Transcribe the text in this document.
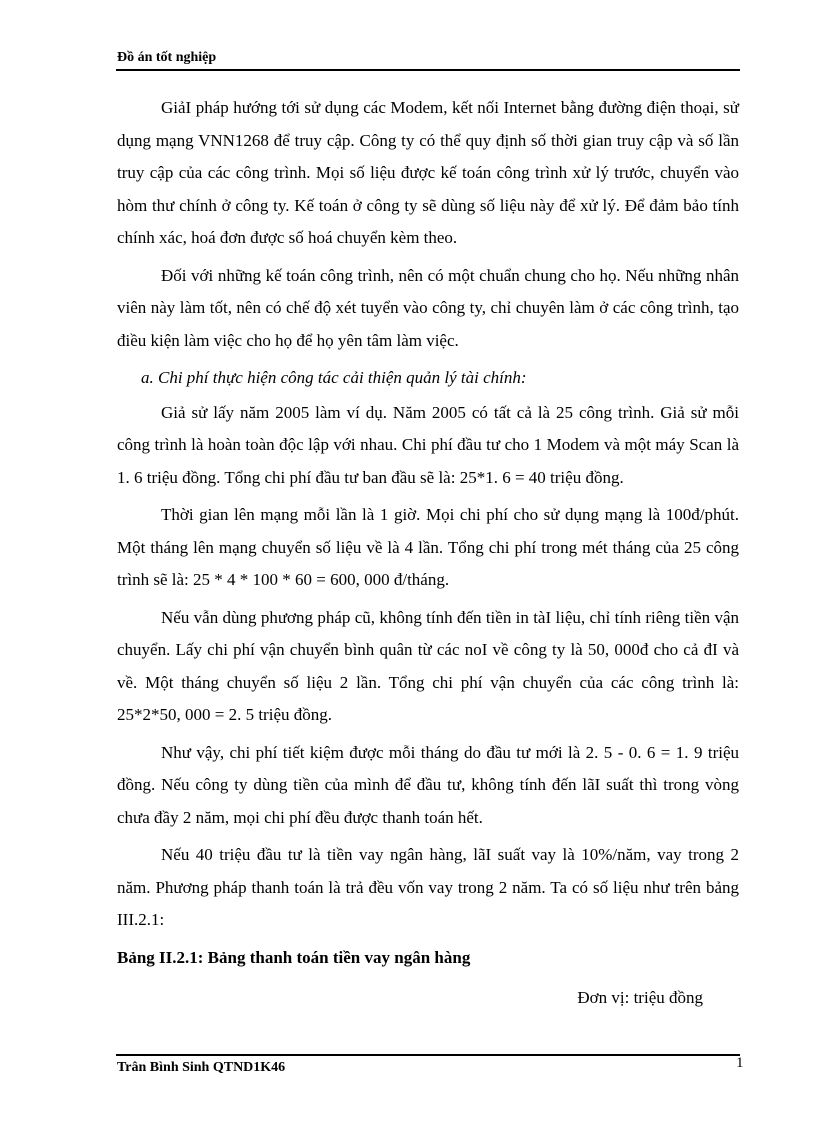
Đồ án tốt nghiệp

GiảI pháp hướng tới sử dụng các Modem, kết nối Internet bằng đường điện thoại, sử dụng mạng VNN1268 để truy cập. Công ty có thể quy định số thời gian truy cập và số lần truy cập của các công trình. Mọi số liệu được kế toán công trình xử lý trước, chuyển vào hòm thư chính ở công ty. Kế toán ở công ty sẽ dùng số liệu này để xử lý. Để đảm bảo tính chính xác, hoá đơn được số hoá chuyển kèm theo.

Đối với những kế toán công trình, nên có một chuẩn chung cho họ. Nếu những nhân viên này làm tốt, nên có chế độ xét tuyển vào công ty, chỉ chuyên làm ở các công trình, tạo điều kiện làm việc cho họ để họ yên tâm làm việc.

a. Chi phí thực hiện công tác cải thiện quản lý tài chính:

Giả sử lấy năm 2005 làm ví dụ. Năm 2005 có tất cả là 25 công trình. Giả sử mỗi công trình là hoàn toàn độc lập với nhau. Chi phí đầu tư cho 1 Modem và một máy Scan là 1. 6 triệu đồng. Tổng chi phí đầu tư ban đầu sẽ là: 25*1. 6 = 40 triệu đồng.

Thời gian lên mạng mỗi lần là 1 giờ. Mọi chi phí cho sử dụng mạng là 100đ/phút. Một tháng lên mạng chuyển số liệu về là 4 lần. Tổng chi phí trong mét tháng của 25 công trình sẽ là: 25 * 4 * 100 * 60 = 600, 000 đ/tháng.

Nếu vẫn dùng phương pháp cũ, không tính đến tiền in tàI liệu, chỉ tính riêng tiền vận chuyển. Lấy chi phí vận chuyển bình quân từ các noI về công ty là 50, 000đ cho cả đI và về. Một tháng chuyển số liệu 2 lần. Tổng chi phí vận chuyển của các công trình là: 25*2*50, 000 = 2. 5 triệu đồng.

Như vậy, chi phí tiết kiệm được mỗi tháng do đầu tư mới là 2. 5 - 0. 6 = 1. 9 triệu đồng. Nếu công ty dùng tiền của mình để đầu tư, không tính đến lãI suất thì trong vòng chưa đầy 2 năm, mọi chi phí đều được thanh toán hết.

Nếu 40 triệu đầu tư là tiền vay ngân hàng, lãI suất vay là 10%/năm, vay trong 2 năm. Phương pháp thanh toán là trả đều vốn vay trong 2 năm. Ta có số liệu như trên bảng III.2.1:

Bảng II.2.1: Bảng thanh toán tiền vay ngân hàng

Đơn vị: triệu đồng

Trân Bình Sinh QTND1K46	1
